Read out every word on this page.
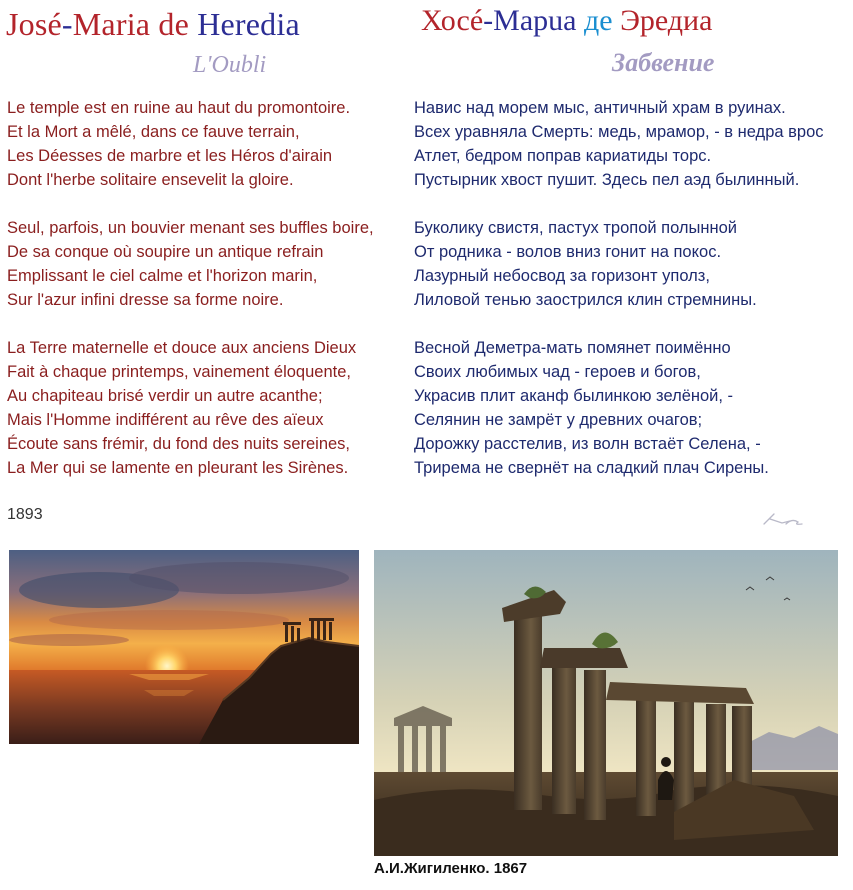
José-Maria de Heredia	Хосé-Марuа де Эредиа
L'Oubli	Забвение
Le temple est en ruine au haut du promontoire.
Et la Mort a mêlé, dans ce fauve terrain,
Les Déesses de marbre et les Héros d'airain
Dont l'herbe solitaire ensevelit la gloire.
Seul, parfois, un bouvier menant ses buffles boire,
De sa conque où soupire un antique refrain
Emplissant le ciel calme et l'horizon marin,
Sur l'azur infini dresse sa forme noire.
La Terre maternelle et douce aux anciens Dieux
Fait à chaque printemps, vainement éloquente,
Au chapiteau brisé verdir un autre acanthe;
Mais l'Homme indifférent au rêve des aïeux
Écoute sans frémir, du fond des nuits sereines,
La Mer qui se lamente en pleurant les Sirènes.
Навис над морем мыс, античный храм в руинах.
Всех уравняла Смерть: медь, мрамор, - в недра врос
Атлет, бедром поправ кариатиды торс.
Пустырник хвост пушит. Здесь пел аэд былинный.
Буколику свистя, пастух тропой полынной
От родника - волов вниз гонит на покос.
Лазурный небосвод за горизонт уполз,
Лиловой тенью заострился клин стремнины.
Весной Деметра-мать помянет поимённо
Своих любимых чад - героев и богов,
Украсив плит аканф былинкою зелёной, -
Селянин не замрёт у древних очагов;
Дорожку расстелив, из волн встаёт Селена, -
Трирема не свернёт на сладкий плач Сирены.
1893
А.И.Жигиленко. 1867
